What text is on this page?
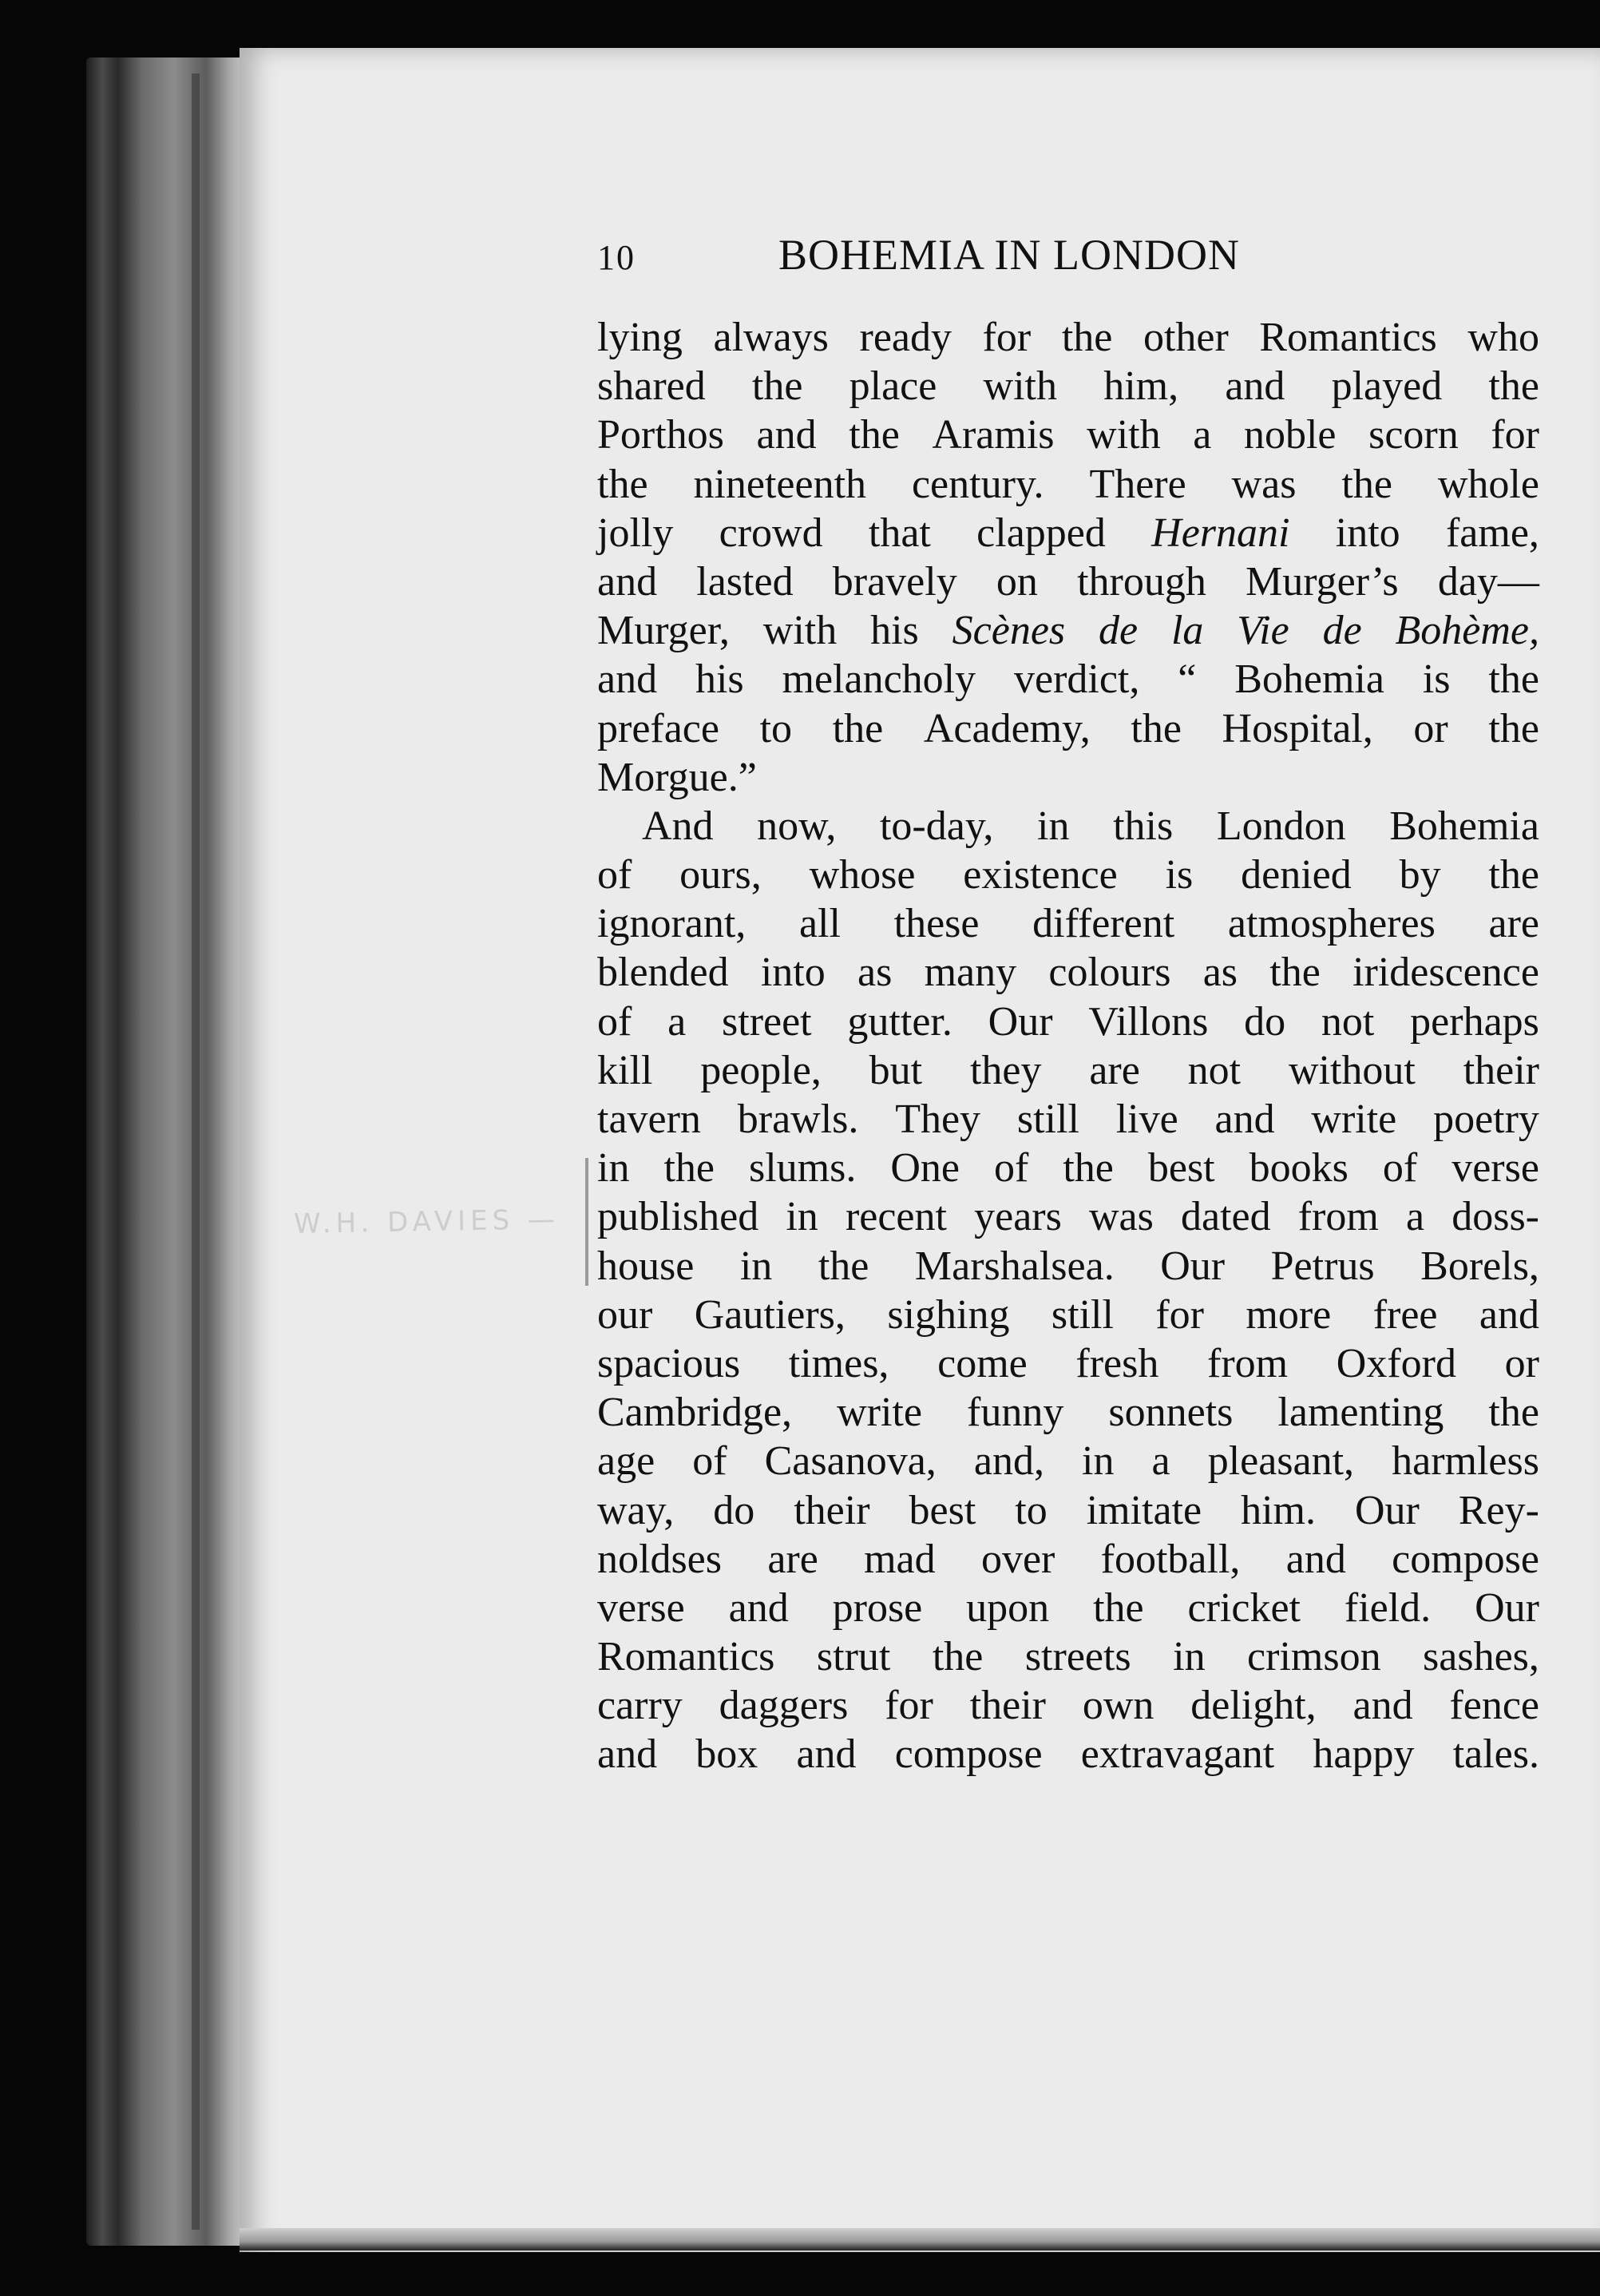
10	BOHEMIA IN LONDON
W.H. DAVIES —
lying always ready for the other Romantics who
shared the place with him, and played the
Porthos and the Aramis with a noble scorn for
the nineteenth century. There was the whole
jolly crowd that clapped Hernani into fame,
and lasted bravely on through Murger’s day—
Murger, with his Scènes de la Vie de Bohème,
and his melancholy verdict, “ Bohemia is the
preface to the Academy, the Hospital, or the
Morgue.”
And now, to-day, in this London Bohemia
of ours, whose existence is denied by the
ignorant, all these different atmospheres are
blended into as many colours as the iridescence
of a street gutter. Our Villons do not perhaps
kill people, but they are not without their
tavern brawls. They still live and write poetry
in the slums. One of the best books of verse
published in recent years was dated from a doss-
house in the Marshalsea. Our Petrus Borels,
our Gautiers, sighing still for more free and
spacious times, come fresh from Oxford or
Cambridge, write funny sonnets lamenting the
age of Casanova, and, in a pleasant, harmless
way, do their best to imitate him. Our Rey-
noldses are mad over football, and compose
verse and prose upon the cricket field. Our
Romantics strut the streets in crimson sashes,
carry daggers for their own delight, and fence
and box and compose extravagant happy tales.
